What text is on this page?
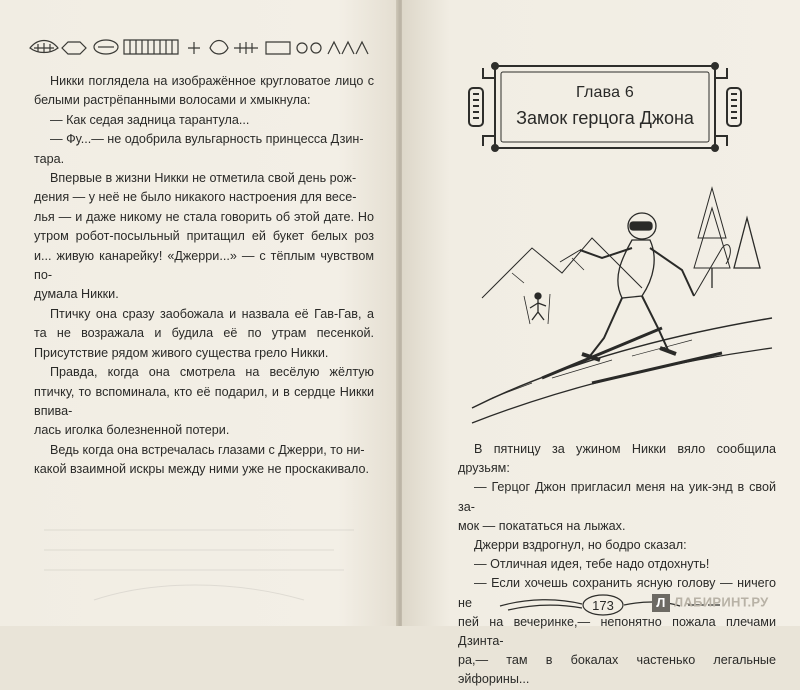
Никки поглядела на изображённое кругловатое лицо с белыми растрёпанными волосами и хмыкнула:

— Как седая задница тарантула...

— Фу...— не одобрила вульгарность принцесса Дзин-

тара.

Впервые в жизни Никки не отметила свой день рож-

дения — у неё не было никакого настроения для весе-

лья — и даже никому не стала говорить об этой дате. Но утром робот-посыльный притащил ей букет белых роз и... живую канарейку! «Джерри...» — с тёплым чувством по-

думала Никки.

Птичку она сразу заобожала и назвала её Гав-Гав, а та не возражала и будила её по утрам песенкой. Присутствие рядом живого существа грело Никки.

Правда, когда она смотрела на весёлую жёлтую птичку, то вспоминала, кто её подарил, и в сердце Никки впива-

лась иголка болезненной потери.

Ведь когда она встречалась глазами с Джерри, то ни-

какой взаимной искры между ними уже не проскакивало.

Глава 6
Замок герцога Джона

В пятницу за ужином Никки вяло сообщила друзьям:

— Герцог Джон пригласил меня на уик-энд в свой за-

мок — покататься на лыжах.

Джерри вздрогнул, но бодро сказал:

— Отличная идея, тебе надо отдохнуть!

— Если хочешь сохранить ясную голову — ничего не

пей на вечеринке,— непонятно пожала плечами Дзинта-

ра,— там в бокалах частенько легальные эйфорины...

173	Л ЛАБИРИНТ.РУ
